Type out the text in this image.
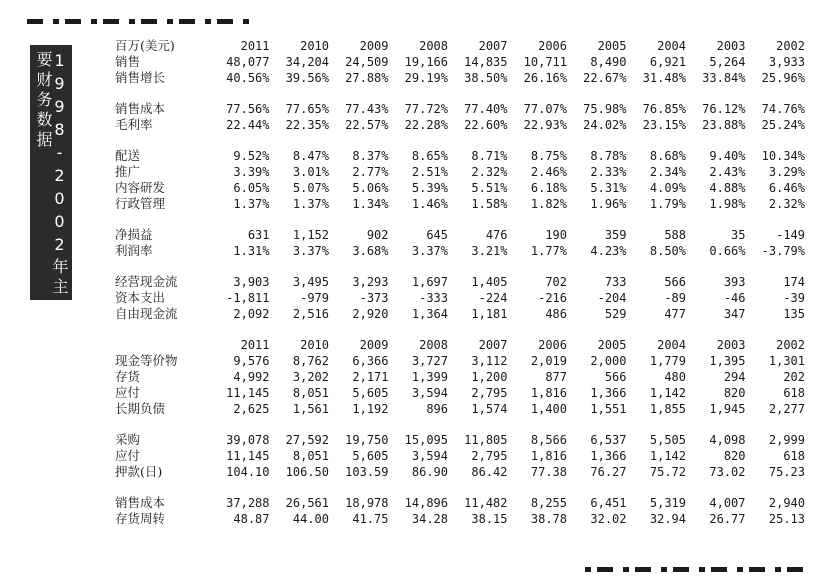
1998-2002年主要财务数据
百万(美元)	2011	2010	2009	2008	2007	2006	2005	2004	2003	2002
销售	48,077	34,204	24,509	19,166	14,835	10,711	8,490	6,921	5,264	3,933
销售增长	40.56%	39.56%	27.88%	29.19%	38.50%	26.16%	22.67%	31.48%	33.84%	25.96%

销售成本	77.56%	77.65%	77.43%	77.72%	77.40%	77.07%	75.98%	76.85%	76.12%	74.76%
毛利率	22.44%	22.35%	22.57%	22.28%	22.60%	22.93%	24.02%	23.15%	23.88%	25.24%

配送	9.52%	8.47%	8.37%	8.65%	8.71%	8.75%	8.78%	8.68%	9.40%	10.34%
推广	3.39%	3.01%	2.77%	2.51%	2.32%	2.46%	2.33%	2.34%	2.43%	3.29%
内容研发	6.05%	5.07%	5.06%	5.39%	5.51%	6.18%	5.31%	4.09%	4.88%	6.46%
行政管理	1.37%	1.37%	1.34%	1.46%	1.58%	1.82%	1.96%	1.79%	1.98%	2.32%

净损益	631	1,152	902	645	476	190	359	588	35	-149
利润率	1.31%	3.37%	3.68%	3.37%	3.21%	1.77%	4.23%	8.50%	0.66%	-3.79%

经营现金流	3,903	3,495	3,293	1,697	1,405	702	733	566	393	174
资本支出	-1,811	-979	-373	-333	-224	-216	-204	-89	-46	-39
自由现金流	2,092	2,516	2,920	1,364	1,181	486	529	477	347	135

	2011	2010	2009	2008	2007	2006	2005	2004	2003	2002
现金等价物	9,576	8,762	6,366	3,727	3,112	2,019	2,000	1,779	1,395	1,301
存货	4,992	3,202	2,171	1,399	1,200	877	566	480	294	202
应付	11,145	8,051	5,605	3,594	2,795	1,816	1,366	1,142	820	618
长期负债	2,625	1,561	1,192	896	1,574	1,400	1,551	1,855	1,945	2,277

采购	39,078	27,592	19,750	15,095	11,805	8,566	6,537	5,505	4,098	2,999
应付	11,145	8,051	5,605	3,594	2,795	1,816	1,366	1,142	820	618
押款(日)	104.10	106.50	103.59	86.90	86.42	77.38	76.27	75.72	73.02	75.23

销售成本	37,288	26,561	18,978	14,896	11,482	8,255	6,451	5,319	4,007	2,940
存货周转	48.87	44.00	41.75	34.28	38.15	38.78	32.02	32.94	26.77	25.13
